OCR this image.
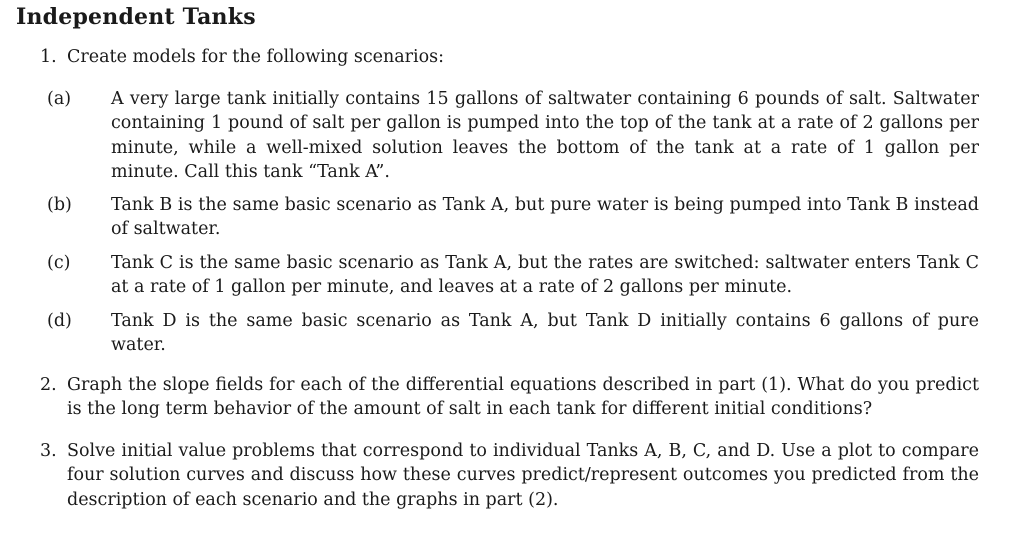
Independent Tanks
1. Create models for the following scenarios:
(a) A very large tank initially contains 15 gallons of saltwater containing 6 pounds of salt. Saltwater containing 1 pound of salt per gallon is pumped into the top of the tank at a rate of 2 gallons per minute, while a well-mixed solution leaves the bottom of the tank at a rate of 1 gallon per minute. Call this tank “Tank A”.
(b) Tank B is the same basic scenario as Tank A, but pure water is being pumped into Tank B instead of saltwater.
(c) Tank C is the same basic scenario as Tank A, but the rates are switched: saltwater enters Tank C at a rate of 1 gallon per minute, and leaves at a rate of 2 gallons per minute.
(d) Tank D is the same basic scenario as Tank A, but Tank D initially contains 6 gallons of pure water.
2. Graph the slope fields for each of the differential equations described in part (1). What do you predict is the long term behavior of the amount of salt in each tank for different initial conditions?
3. Solve initial value problems that correspond to individual Tanks A, B, C, and D. Use a plot to compare four solution curves and discuss how these curves predict/represent outcomes you predicted from the description of each scenario and the graphs in part (2).
